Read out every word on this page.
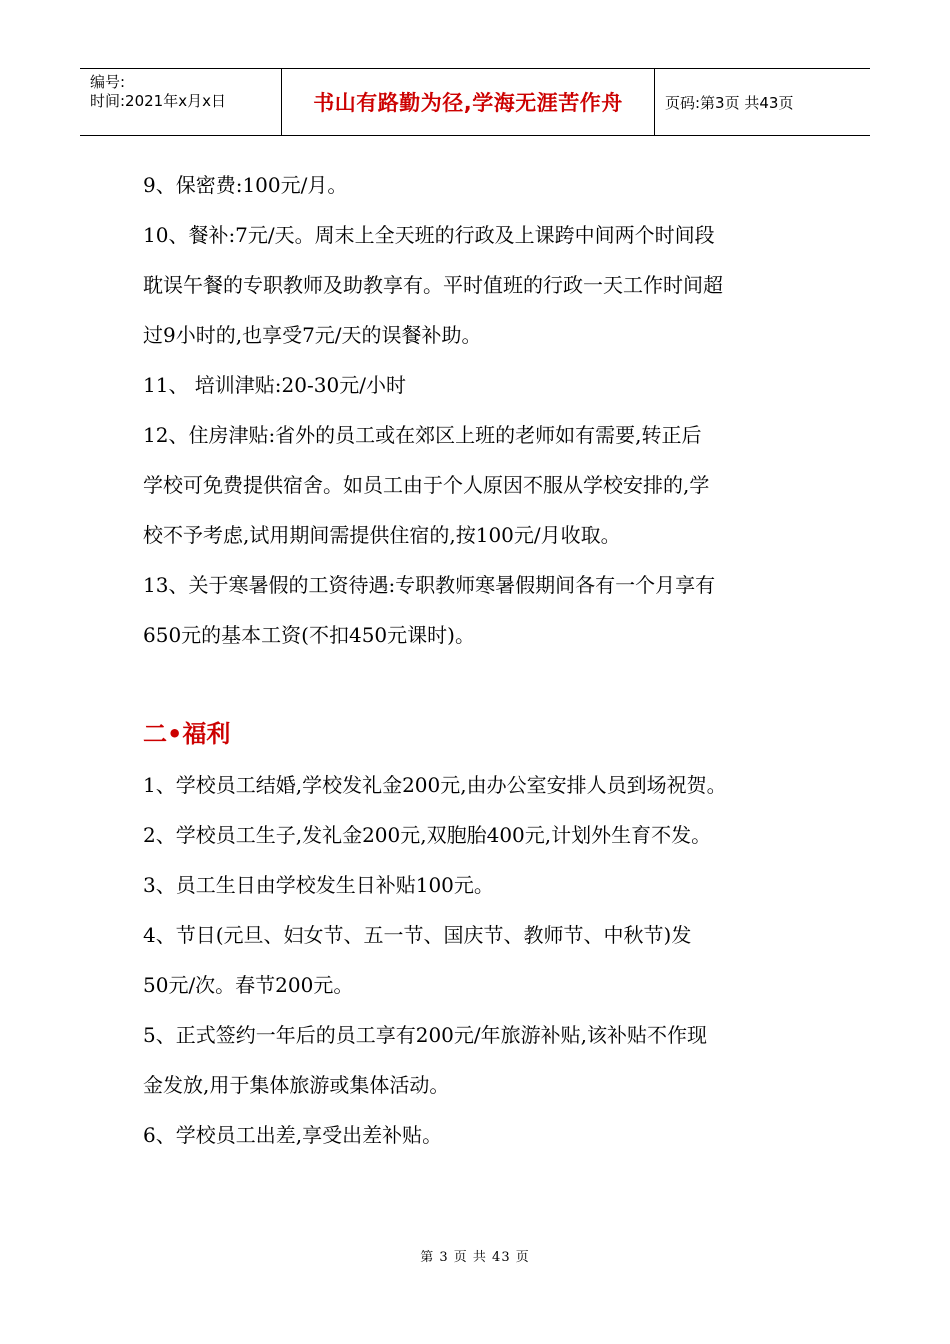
编号:
时间:2021年x月x日	书山有路勤为径,学海无涯苦作舟	页码:第3页 共43页

9、保密费:100元/月。

10、餐补:7元/天。周末上全天班的行政及上课跨中间两个时间段

耽误午餐的专职教师及助教享有。平时值班的行政一天工作时间超

过9小时的,也享受7元/天的误餐补助。

11、 培训津贴:20-30元/小时

12、住房津贴:省外的员工或在郊区上班的老师如有需要,转正后

学校可免费提供宿舍。如员工由于个人原因不服从学校安排的,学

校不予考虑,试用期间需提供住宿的,按100元/月收取。

13、关于寒暑假的工资待遇:专职教师寒暑假期间各有一个月享有

650元的基本工资(不扣450元课时)。

二•福利

1、学校员工结婚,学校发礼金200元,由办公室安排人员到场祝贺。

2、学校员工生子,发礼金200元,双胞胎400元,计划外生育不发。

3、员工生日由学校发生日补贴100元。

4、节日(元旦、妇女节、五一节、国庆节、教师节、中秋节)发

50元/次。春节200元。

5、正式签约一年后的员工享有200元/年旅游补贴,该补贴不作现

金发放,用于集体旅游或集体活动。

6、学校员工出差,享受出差补贴。

第 3 页 共 43 页
